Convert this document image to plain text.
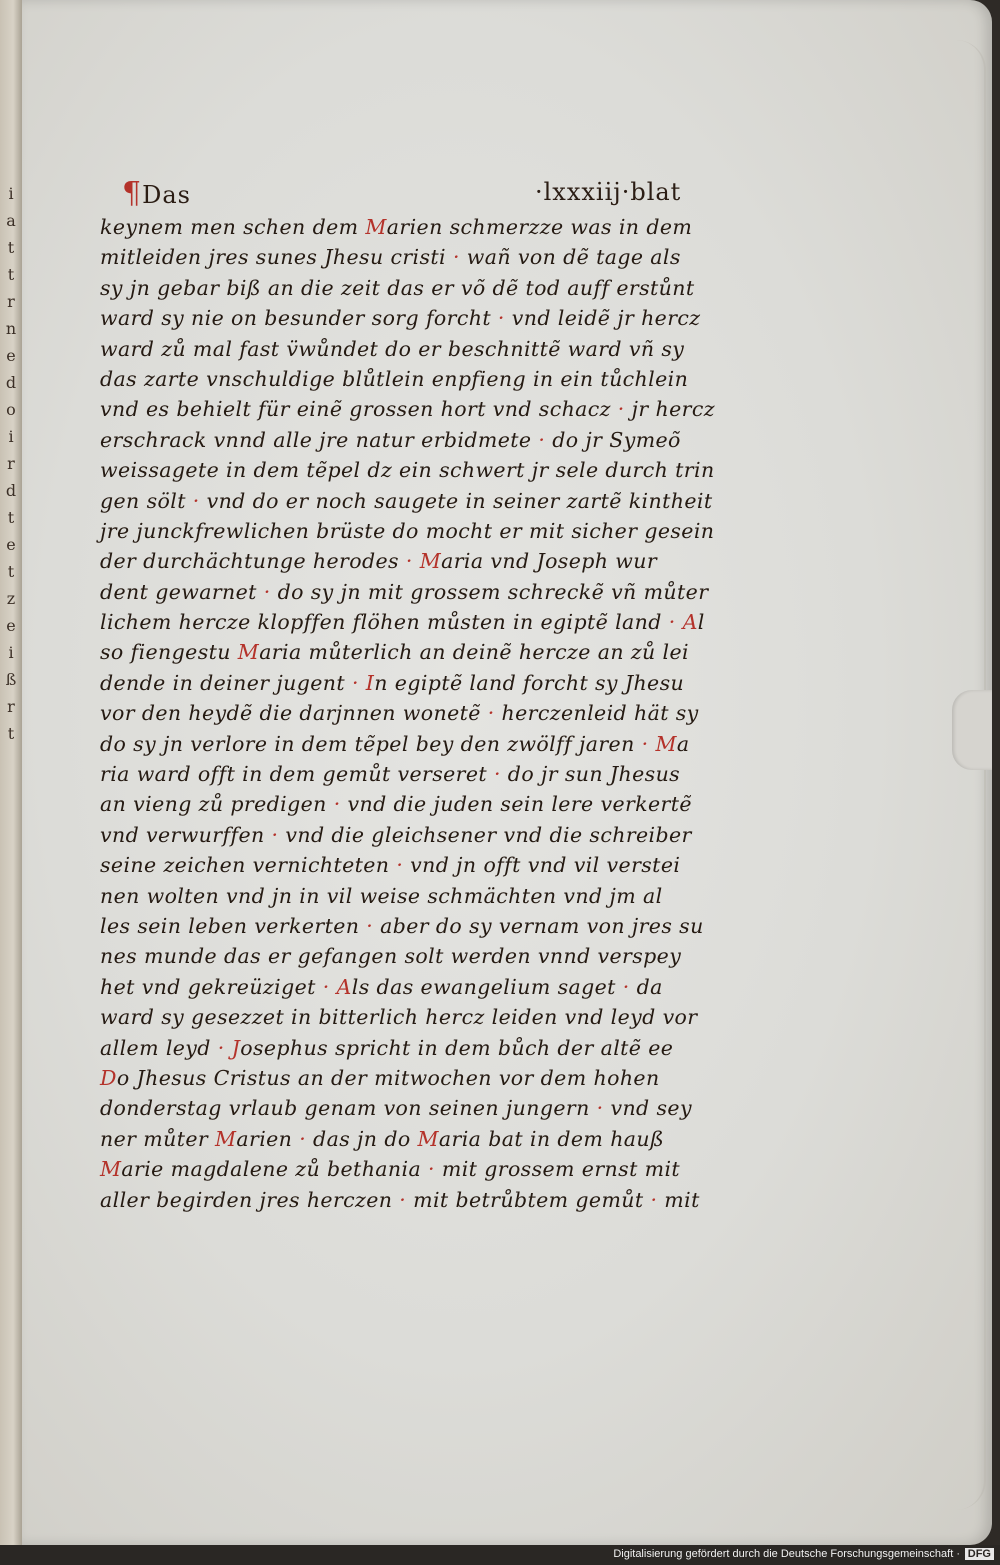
i
a
t
t
r
n
e
d
o
i
r
d
t
e
t
z
e
i
ß
r
t
¶Das	·lxxxiij·blat
keynem men schen dem Marien schmerzze was in dem
mitleiden jres sunes Jhesu cristi · wañ von dẽ tage als
sy jn gebar biß an die zeit das er võ dẽ tod auff erstůnt
ward sy nie on besunder sorg forcht · vnd leidẽ jr hercz
ward zů mal fast v̈wůndet do er beschnittẽ ward vñ sy
das zarte vnschuldige blůtlein enpfieng in ein tůchlein
vnd es behielt für einẽ grossen hort vnd schacz · jr hercz
erschrack vnnd alle jre natur erbidmete · do jr Symeõ
weissagete in dem tẽpel dz ein schwert jr sele durch trin
gen sölt · vnd do er noch saugete in seiner zartẽ kintheit
jre junckfrewlichen brüste do mocht er mit sicher gesein
der durchächtunge herodes · Maria vnd Joseph wur
dent gewarnet · do sy jn mit grossem schreckẽ vñ můter
lichem hercze klopffen flöhen můsten in egiptẽ land · Al
so fiengestu Maria můterlich an deinẽ hercze an zů lei
dende in deiner jugent · In egiptẽ land forcht sy Jhesu
vor den heydẽ die darjnnen wonetẽ · herczenleid hät sy
do sy jn verlore in dem tẽpel bey den zwölff jaren · Ma
ria ward offt in dem gemůt verseret · do jr sun Jhesus
an vieng zů predigen · vnd die juden sein lere verkertẽ
vnd verwurffen · vnd die gleichsener vnd die schreiber
seine zeichen vernichteten · vnd jn offt vnd vil verstei
nen wolten vnd jn in vil weise schmächten vnd jm al
les sein leben verkerten · aber do sy vernam von jres su
nes munde das er gefangen solt werden vnnd verspey
het vnd gekreüziget · Als das ewangelium saget · da
ward sy gesezzet in bitterlich hercz leiden vnd leyd vor
allem leyd · Josephus spricht in dem bůch der altẽ ee
Do Jhesus Cristus an der mitwochen vor dem hohen
donderstag vrlaub genam von seinen jungern · vnd sey
ner můter Marien · das jn do Maria bat in dem hauß
Marie magdalene zů bethania · mit grossem ernst mit
aller begirden jres herczen · mit betrůbtem gemůt · mit
Digitalisierung gefördert durch die Deutsche Forschungsgemeinschaft · DFG
